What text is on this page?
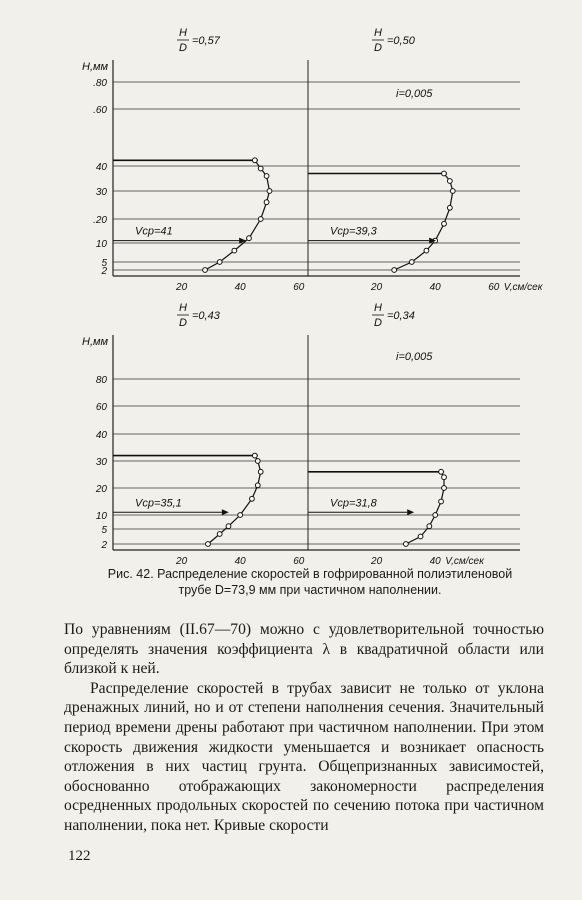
2
5
10
.20
30
40
.60
.80
H,мм
2
5
10
20
30
40
60
80
H,мм
H
D
=0,57
20	40	60
Vср=41
H
D
=0,50
i=0,005
20	40	60 V,см/сек
Vср=39,3
H
D
=0,43
20	40	60
Vср=35,1
H
D
=0,34
i=0,005
20	40 V,см/сек
Vср=31,8
Рис. 42. Распределение скоростей в гофрированной полиэтиленовой
трубе D=73,9 мм при частичном наполнении.

По уравнениям (II.67—70) можно с удовлетворительной точностью определять значения коэффициента λ в квадратичной области или близкой к ней.

Распределение скоростей в трубах зависит не только от уклона дренажных линий, но и от степени наполнения сечения. Значительный период времени дрены работают при частичном наполнении. При этом скорость движения жидкости уменьшается и возникает опасность отложения в них частиц грунта. Общепризнанных зависимостей, обоснованно отображающих закономерности распределения осредненных продольных скоростей по сечению потока при частичном наполнении, пока нет. Кривые скорости

122
